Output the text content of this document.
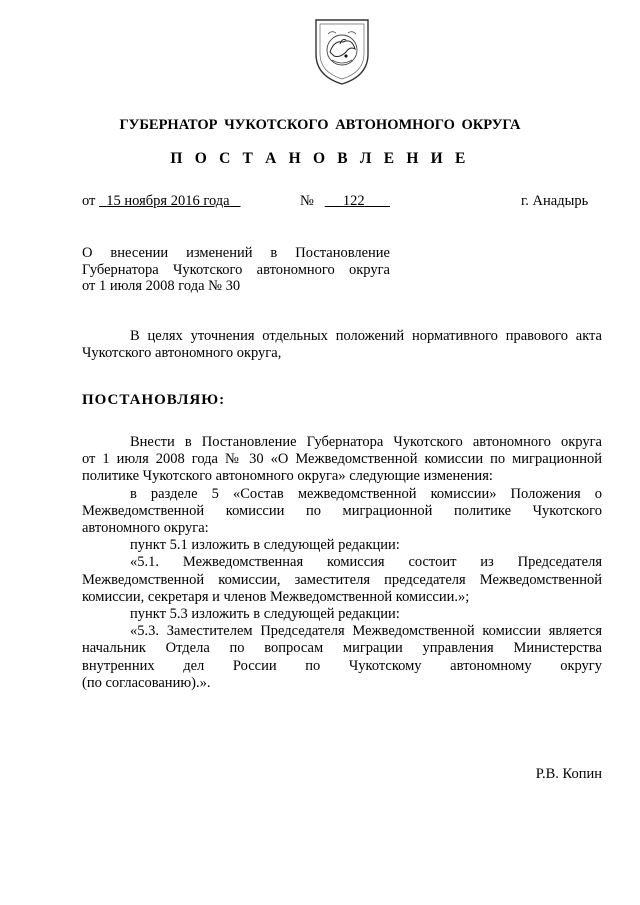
ГУБЕРНАТОР ЧУКОТСКОГО АВТОНОМНОГО ОКРУГА
П О С Т А Н О В Л Е Н И Е
от 15 ноября 2016 года	№ 122	г. Анадырь
О внесении изменений в Постановление
Губернатора Чукотского автономного округа
от 1 июля 2008 года № 30
В целях уточнения отдельных положений нормативного правового акта
Чукотского автономного округа,
ПОСТАНОВЛЯЮ:
Внести в Постановление Губернатора Чукотского автономного округа
от 1 июля 2008 года № 30 «О Межведомственной комиссии по миграционной
политике Чукотского автономного округа» следующие изменения:
в разделе 5 «Состав межведомственной комиссии» Положения о
Межведомственной комиссии по миграционной политике Чукотского
автономного округа:
пункт 5.1 изложить в следующей редакции:
«5.1. Межведомственная комиссия состоит из Председателя
Межведомственной комиссии, заместителя председателя Межведомственной
комиссии, секретаря и членов Межведомственной комиссии.»;
пункт 5.3 изложить в следующей редакции:
«5.3. Заместителем Председателя Межведомственной комиссии является
начальник Отдела по вопросам миграции управления Министерства
внутренних дел России по Чукотскому автономному округу
(по согласованию).».
Р.В. Копин
